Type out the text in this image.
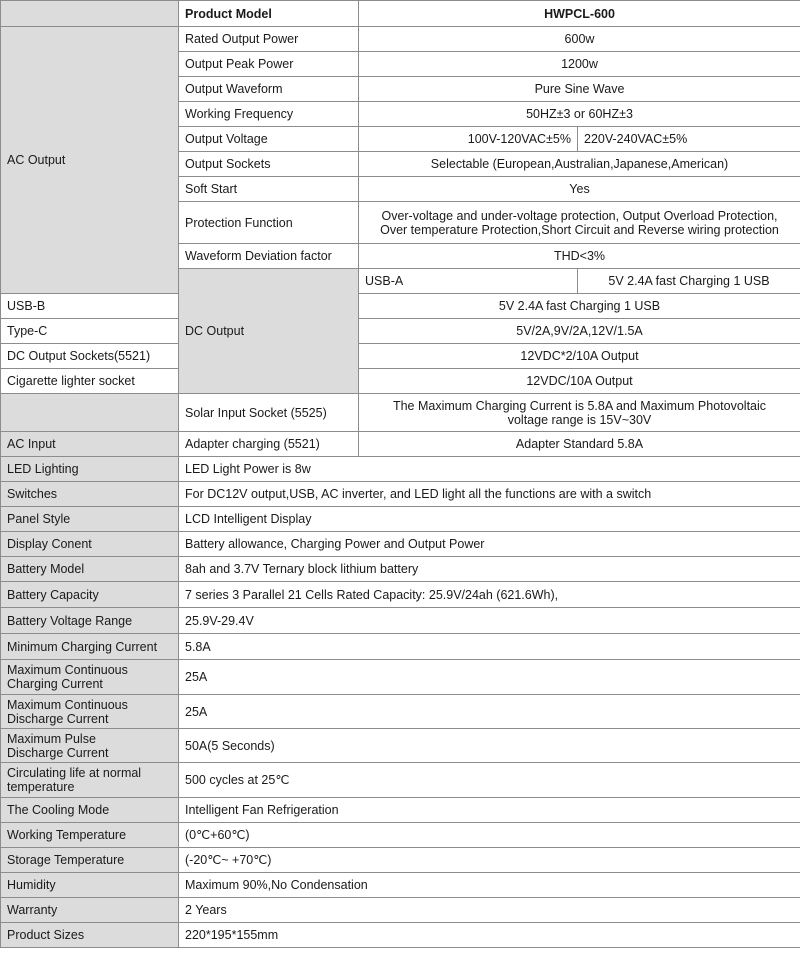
	Product Model	HWPCL-600	
AC Output	Rated Output Power	600w	
	Output Peak Power	1200w	
	Output Waveform	Pure Sine Wave	
	Working Frequency	50HZ±3 or 60HZ±3	
	Output Voltage	100V-120VAC±5%	220V-240VAC±5%
	Output Sockets	Selectable (European,Australian,Japanese,American)	
	Soft Start	Yes	
	Protection Function	Over-voltage and under-voltage protection, Output Overload Protection,
Over temperature Protection,Short Circuit and Reverse wiring protection	

	Waveform Deviation factor	THD<3%	
	DC Output	USB-A	5V 2.4A fast Charging 1 USB
USB-B		5V 2.4A fast Charging 1 USB	
Type-C		5V/2A,9V/2A,12V/1.5A	
DC Output Sockets(5521)		12VDC*2/10A Output	
Cigarette lighter socket		12VDC/10A Output	
	Solar Input Socket (5525)	The Maximum Charging Current is 5.8A and Maximum Photovoltaic
voltage range is 15V~30V	

AC Input	Adapter charging (5521)	Adapter Standard 5.8A	
LED Lighting	LED Light Power is 8w		
Switches	For DC12V output,USB, AC inverter, and LED light all the functions are with a switch		
Panel Style	LCD Intelligent Display		
Display Conent	Battery allowance, Charging Power and Output Power		
Battery Model	8ah and 3.7V Ternary block lithium battery		
Battery Capacity	7 series 3 Parallel 21 Cells Rated Capacity: 25.9V/24ah (621.6Wh),		
Battery Voltage Range	25.9V-29.4V		
Minimum Charging Current	5.8A		

Maximum Continuous
Charging Current	25A		

Maximum Continuous
Discharge Current	25A		

Maximum Pulse
Discharge Current	50A(5 Seconds)		

Circulating life at normal
temperature	500 cycles at 25℃		
The Cooling Mode	Intelligent Fan Refrigeration		
Working Temperature	(0℃+60℃)		
Storage Temperature	(-20℃~ +70℃)		
Humidity	Maximum 90%,No Condensation		
Warranty	2 Years		
Product Sizes	220*195*155mm		
